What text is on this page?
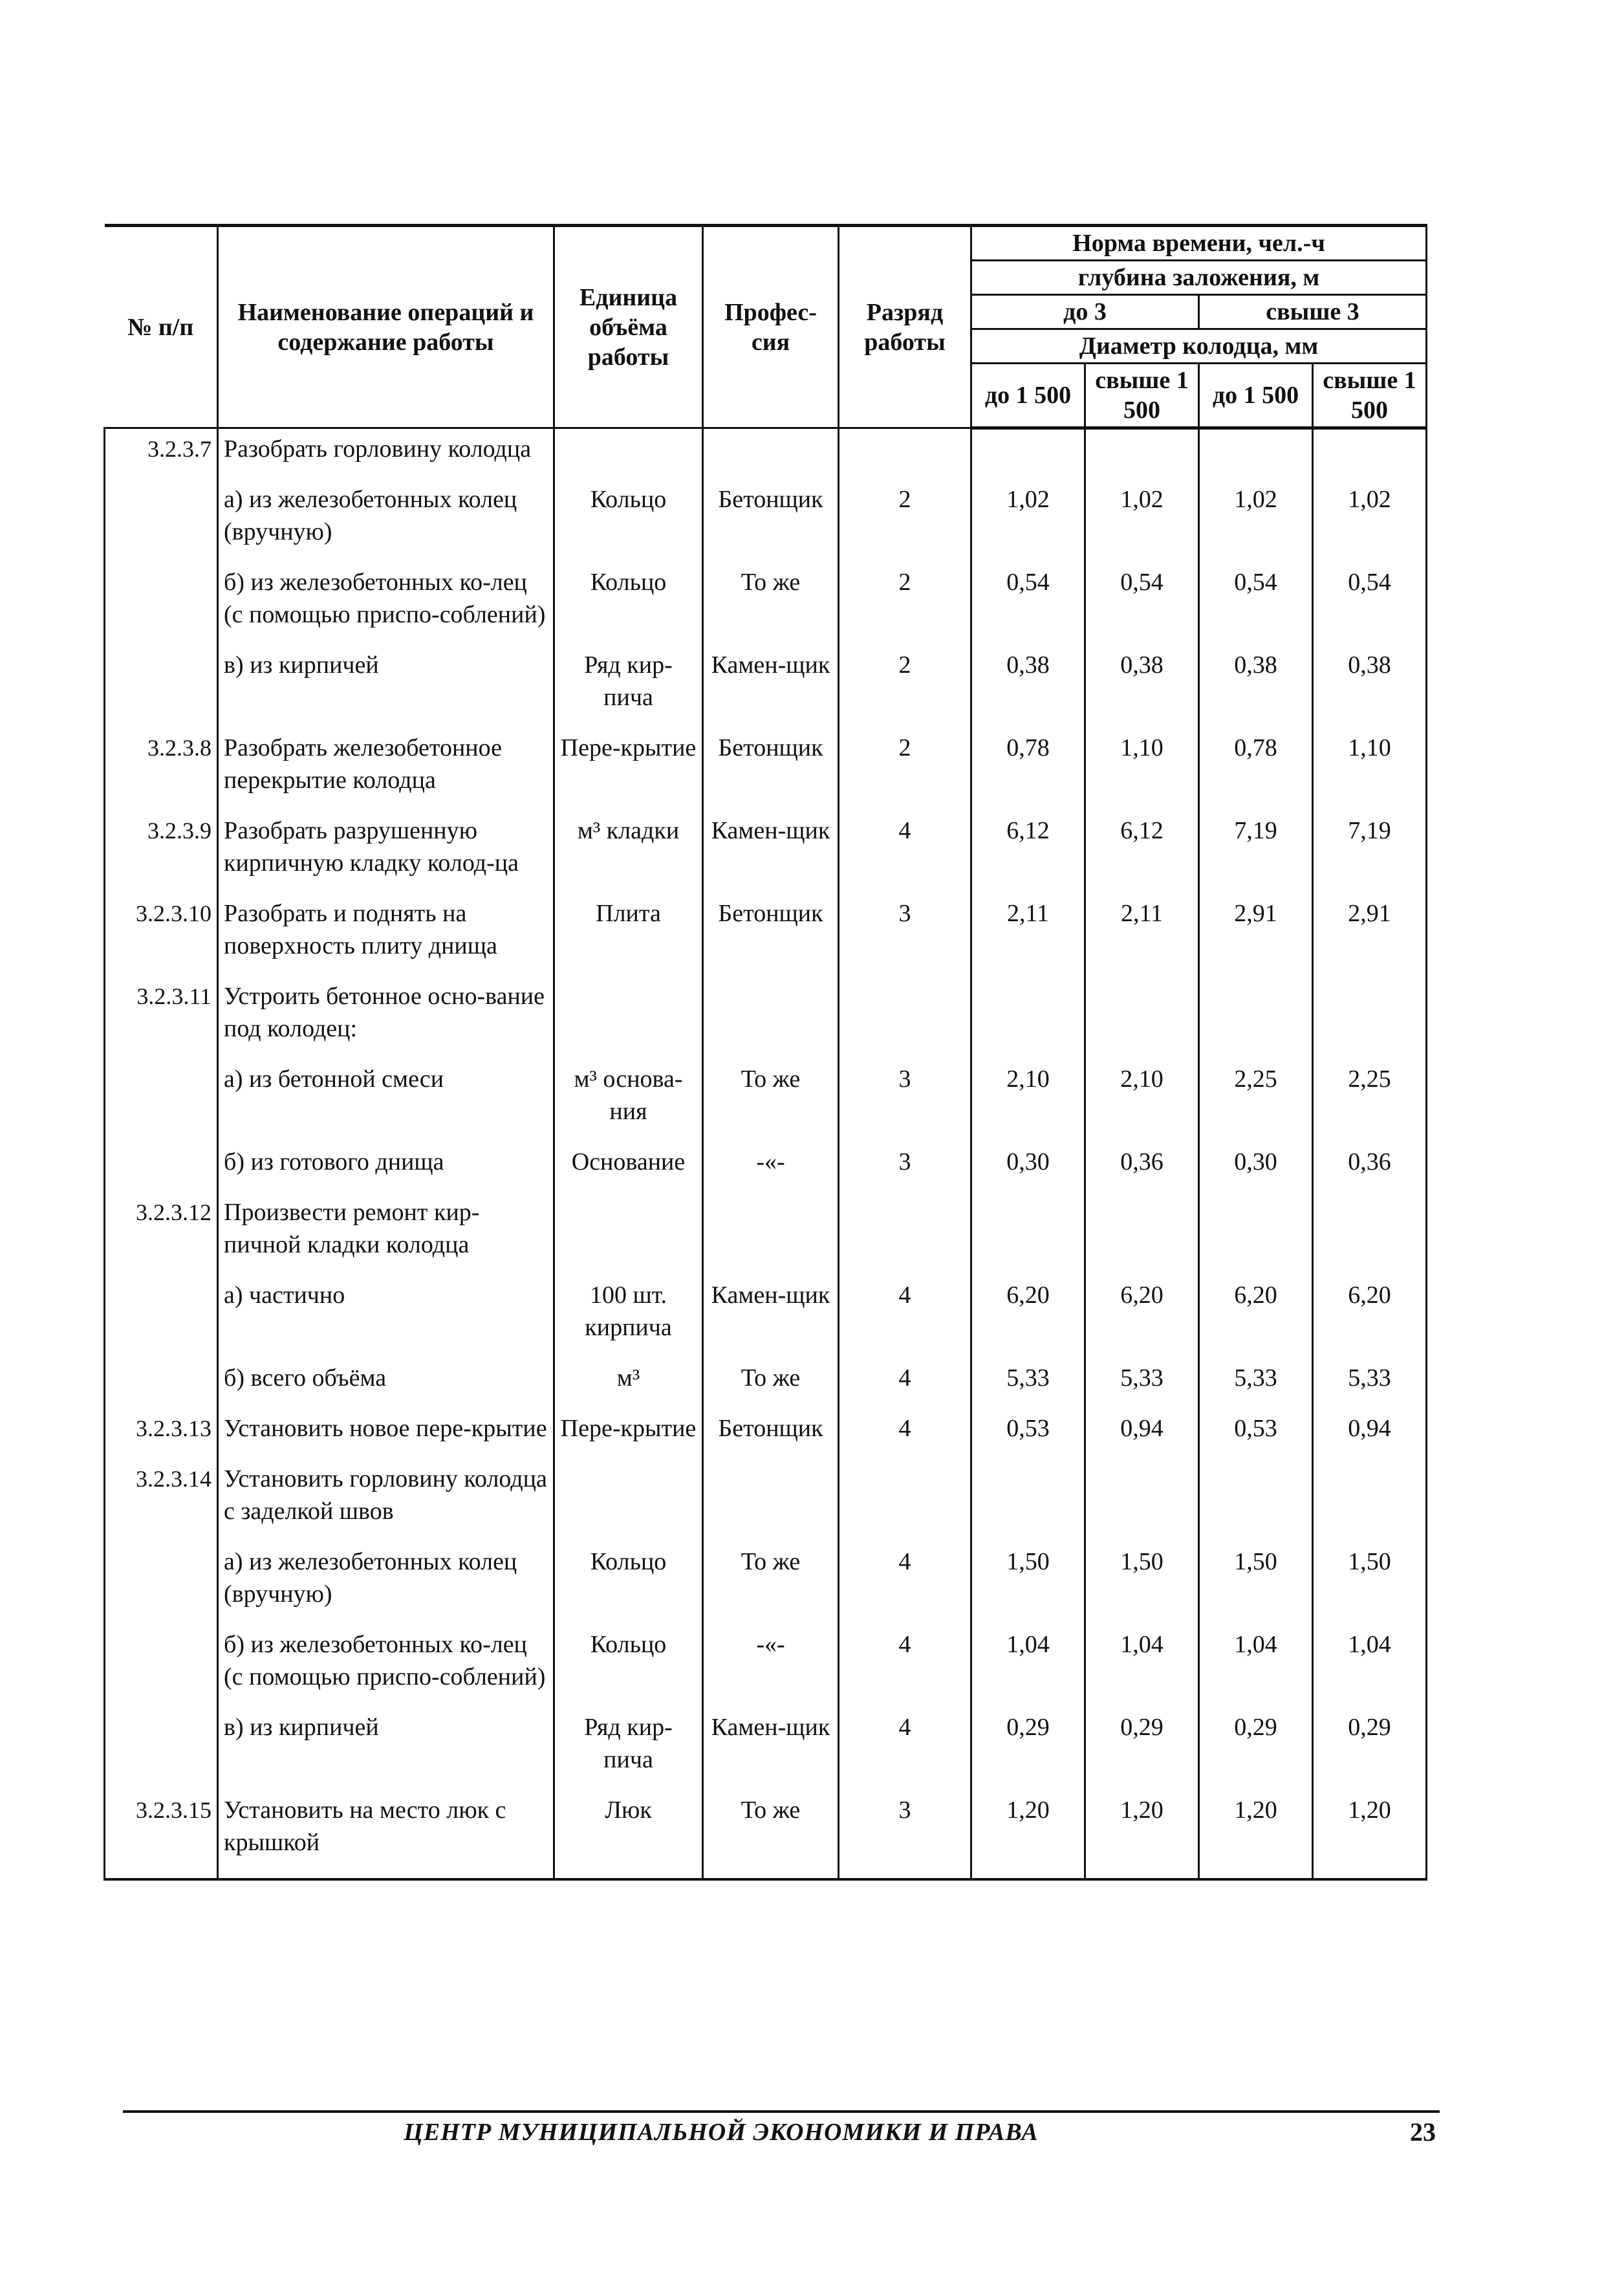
№ п/п	Наименование операций и содержание работы	Единица объёма работы	Профес-сия	Разряд работы	Норма времени, чел.-ч			
					глубина заложения, м			
					до 3		свыше 3	
					Диаметр колодца, мм			
					до 1 500	свыше 1 500	до 1 500	свыше 1 500
3.2.3.7	Разобрать горловину колодца							
	а) из железобетонных колец (вручную)	Кольцо	Бетонщик	2	1,02	1,02	1,02	1,02
	б) из железобетонных ко-лец (с помощью приспо-соблений)	Кольцо	То же	2	0,54	0,54	0,54	0,54
	в) из кирпичей	Ряд кир-пича	Камен-щик	2	0,38	0,38	0,38	0,38
3.2.3.8	Разобрать железобетонное перекрытие колодца	Пере-крытие	Бетонщик	2	0,78	1,10	0,78	1,10
3.2.3.9	Разобрать разрушенную кирпичную кладку колод-ца	м³ кладки	Камен-щик	4	6,12	6,12	7,19	7,19
3.2.3.10	Разобрать и поднять на поверхность плиту днища	Плита	Бетонщик	3	2,11	2,11	2,91	2,91
3.2.3.11	Устроить бетонное осно-вание под колодец:							
	а) из бетонной смеси	м³ основа-ния	То же	3	2,10	2,10	2,25	2,25
	б) из готового днища	Основание	-«-	3	0,30	0,36	0,30	0,36
3.2.3.12	Произвести ремонт кир-пичной кладки колодца							
	а) частично	100 шт. кирпича	Камен-щик	4	6,20	6,20	6,20	6,20
	б) всего объёма	м³	То же	4	5,33	5,33	5,33	5,33
3.2.3.13	Установить новое пере-крытие	Пере-крытие	Бетонщик	4	0,53	0,94	0,53	0,94
3.2.3.14	Установить горловину колодца с заделкой швов							
	а) из железобетонных колец (вручную)	Кольцо	То же	4	1,50	1,50	1,50	1,50
	б) из железобетонных ко-лец (с помощью приспо-соблений)	Кольцо	-«-	4	1,04	1,04	1,04	1,04
	в) из кирпичей	Ряд кир-пича	Камен-щик	4	0,29	0,29	0,29	0,29
3.2.3.15	Установить на место люк с крышкой	Люк	То же	3	1,20	1,20	1,20	1,20
ЦЕНТР МУНИЦИПАЛЬНОЙ ЭКОНОМИКИ И ПРАВА	23
